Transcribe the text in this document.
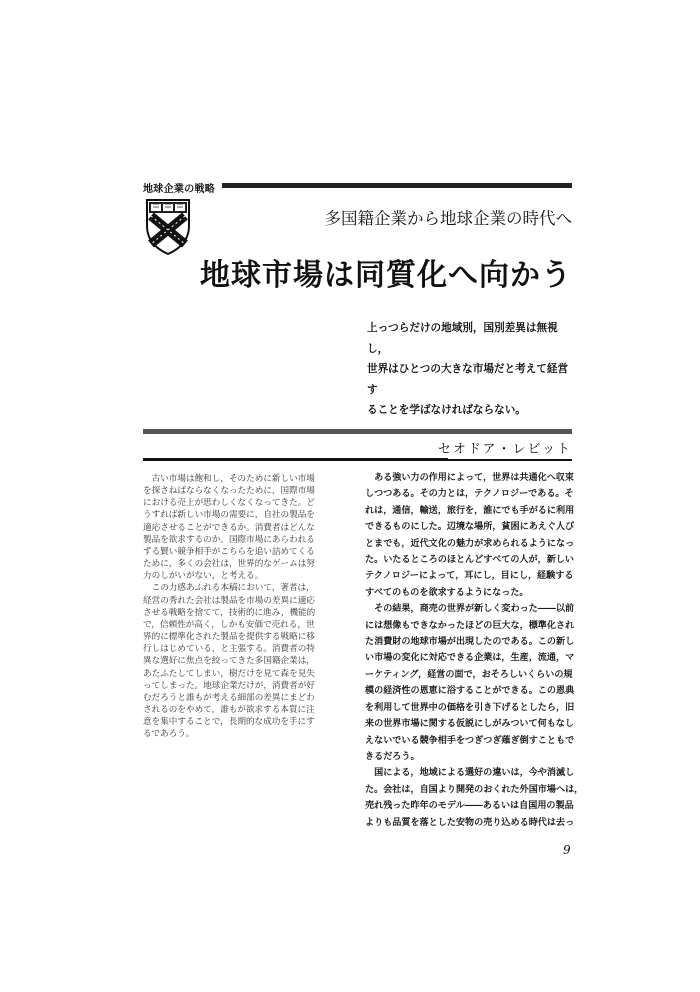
地球企業の戦略
多国籍企業から地球企業の時代へ
地球市場は同質化へ向かう
上っつらだけの地域別，国別差異は無視し，
世界はひとつの大きな市場だと考えて経営す
ることを学ばなければならない。
セオドア・レビット
古い市場は飽和し，そのために新しい市場
を探さねばならなくなったために，国際市場
における売上が思わしくなくなってきた。ど
うすれば新しい市場の需要に，自社の製品を
適応させることができるか。消費者はどんな
製品を欲求するのか。国際市場にあらわれる
ずる賢い競争相手がこちらを追い詰めてくる
ために，多くの会社は，世界的なゲームは努
力のしがいがない，と考える。
この力感あふれる本稿において，著者は，
経営の秀れた会社は製品を市場の差異に適応
させる戦略を捨てて，技術的に進み，機能的
で，信頼性が高く，しかも安価で売れる，世
界的に標準化された製品を提供する戦略に移
行しはじめている，と主張する。消費者の特
異な選好に焦点を絞ってきた多国籍企業は，
あたふたしてしまい，樹だけを見て森を見失
ってしまった。地球企業だけが，消費者が好
むだろうと誰もが考える細部の差異にまどわ
されるのをやめて，誰もが欲求する本質に注
意を集中することで，長期的な成功を手にす
るであろう。
ある強い力の作用によって，世界は共通化へ収束
しつつある。その力とは，テクノロジーである。そ
れは，通信，輸送，旅行を，誰にでも手がるに利用
できるものにした。辺境な場所，貧困にあえぐ人び
とまでも，近代文化の魅力が求められるようになっ
た。いたるところのほとんどすべての人が，新しい
テクノロジーによって，耳にし，目にし，経験する
すべてのものを欲求するようになった。
その結果，商売の世界が新しく変わった――以前
には想像もできなかったほどの巨大な，標準化され
た消費財の地球市場が出現したのである。この新し
い市場の変化に対応できる企業は，生産，流通，マ
ーケティング，経営の面で，おそろしいくらいの規
模の経済性の恩恵に浴することができる。この恩典
を利用して世界中の価格を引き下げるとしたら，旧
来の世界市場に関する仮説にしがみついて何もなし
えないでいる競争相手をつぎつぎ薙ぎ倒すこともで
きるだろう。
国による，地域による選好の違いは，今や消滅し
た。会社は，自国より開発のおくれた外国市場へは，
売れ残った昨年のモデル――あるいは自国用の製品
よりも品質を落とした安物の売り込める時代は去っ
9
